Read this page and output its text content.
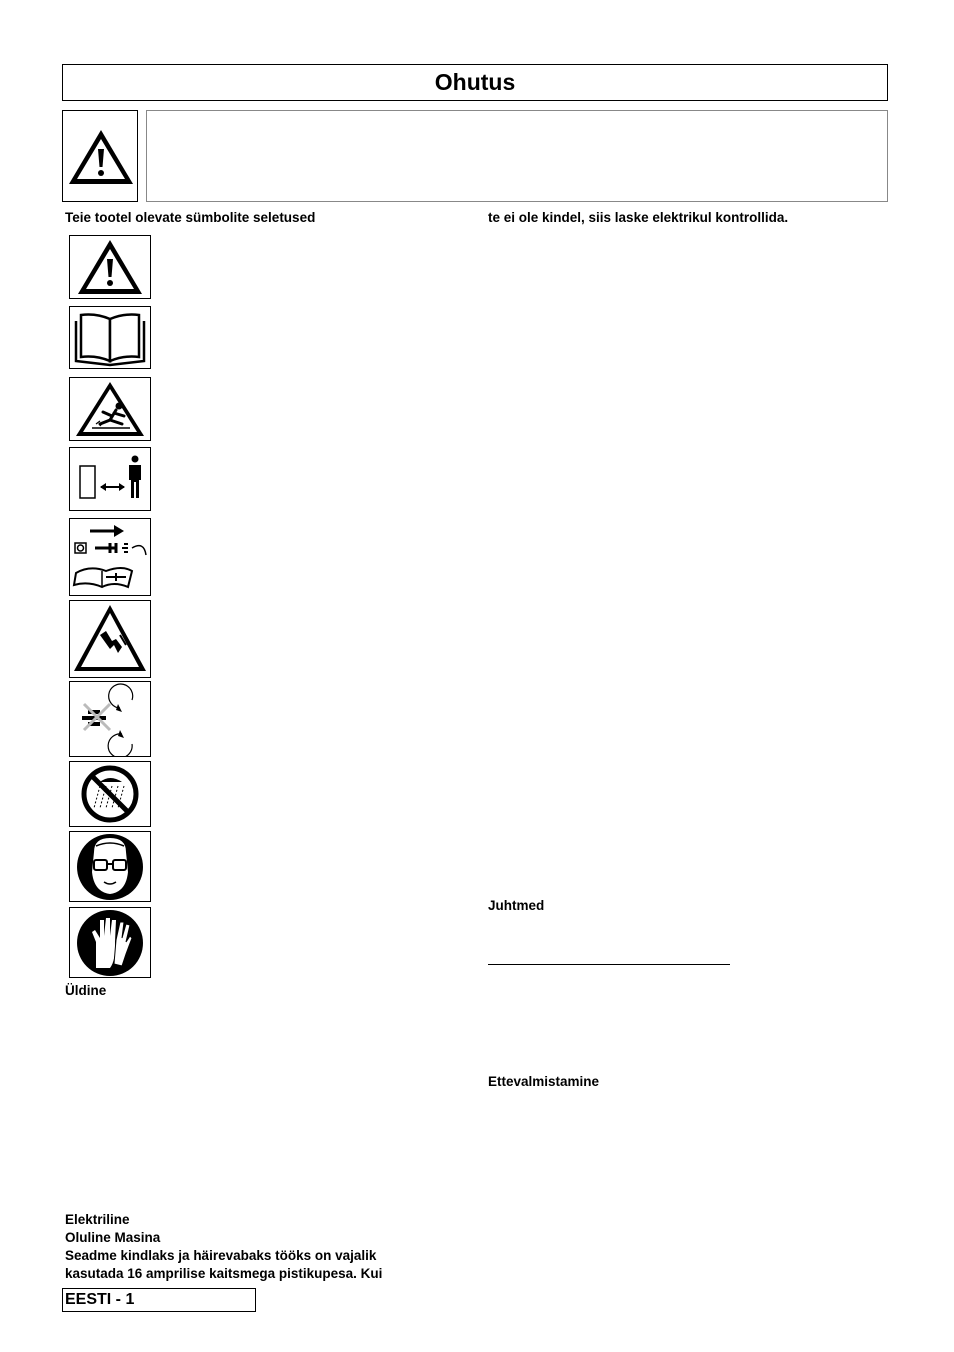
Ohutus
Teie tootel olevate sümbolite seletused	te ei ole kindel, siis laske elektrikul kontrollida.
Üldine
Juhtmed
Ettevalmistamine
Elektriline
Oluline Masina
Seadme kindlaks ja häirevabaks tööks on vajalik
kasutada 16 amprilise kaitsmega pistikupesa. Kui
EESTI - 1
